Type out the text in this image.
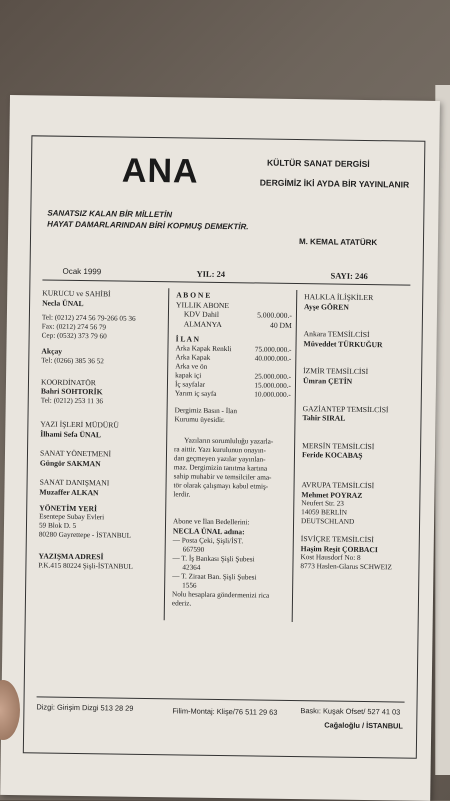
ANA	KÜLTÜR SANAT DERGİSİ
DERGİMİZ İKİ AYDA BİR YAYINLANIR
SANATSIZ KALAN BİR MİLLETİN
HAYAT DAMARLARINDAN BİRİ KOPMUŞ DEMEKTİR.
M. KEMAL ATATÜRK
Ocak 1999	YIL: 24	SAYI: 246
KURUCU ve SAHİBİ
Necla ÜNAL
Tel: (0212) 274 56 79-266 05 36
Fax: (0212) 274 56 79
Cep: (0532) 373 79 60
Akçay
Tel: (0266) 385 36 52
KOORDİNATÖR
Bahri SOHTORİK
Tel: (0212) 253 11 36
YAZI İŞLERİ MÜDÜRÜ
İlhami Sefa ÜNAL
SANAT YÖNETMENİ
Güngör SAKMAN
SANAT DANIŞMANI
Muzaffer ALKAN
YÖNETİM YERİ
Esentepe Subay Evleri
59 Blok D. 5
80280 Gayrettepe - İSTANBUL
YAZIŞMA ADRESİ
P.K.415 80224 Şişli-İSTANBUL
A B O N E
YILLIK ABONE
KDV Dahil	5.000.000.-
ALMANYA	40 DM
İ L A N
Arka Kapak Renkli	75.000.000.-
Arka Kapak	40.000.000.-
Arka ve ön
kapak içi	25.000.000.-
İç sayfalar	15.000.000.-
Yarım iç sayfa	10.000.000.-
Dergimiz Basın - İlan
Kurumu üyesidir.
Yazıların sorumluluğu yazarla-
ra aittir. Yazı kurulunun onayın-
dan geçmeyen yazılar yayınlan-
maz. Dergimizin tanıtma kartına
sahip muhabir ve temsilciler ama-
tör olarak çalışmayı kabul etmiş-
lerdir.
Abone ve İlan Bedellerini:
NECLA ÜNAL adına:
— Posta Çeki, Şişli/İST.
667590
— T. İş Bankası Şişli Şubesi
42364
— T. Ziraat Ban. Şişli Şubesi
1556
Nolu hesaplara göndermenizi rica
ederiz.
HALKLA İLİŞKİLER
Ayşe GÖREN
Ankara TEMSİLCİSİ
Müveddet TÜRKUĞUR
İZMİR TEMSİLCİSİ
Ümran ÇETİN
GAZİANTEP TEMSİLCİSİ
Tahir SIRAL
MERSİN TEMSİLCİSİ
Feride KOCABAŞ
AVRUPA TEMSİLCİSİ
Mehmet POYRAZ
Neufert Str. 23
14059 BERLİN
DEUTSCHLAND
İSVİÇRE TEMSİLCİSİ
Haşim Reşit ÇORBACI
Kost Hausdorf No: 8
8773 Haslen-Glarus SCHWEIZ
Dizgi: Girişim Dizgi 513 28 29	Filim-Montaj: Klişe/76 511 29 63	Baskı: Kuşak Ofset/ 527 41 03
Cağaloğlu / İSTANBUL
